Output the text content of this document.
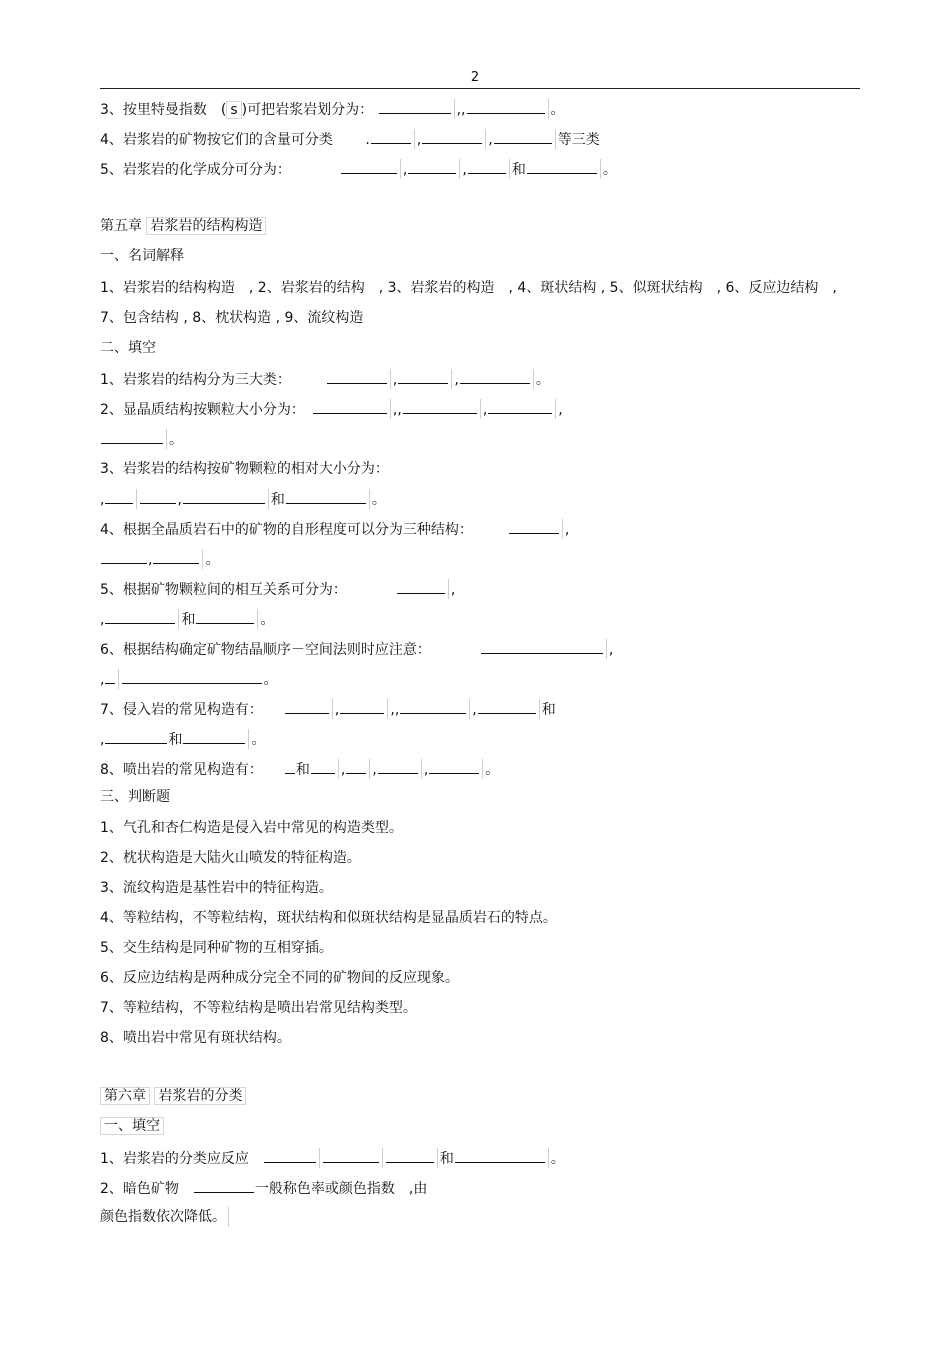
2
3、按里特曼指数　( s )可把岩浆岩划分为：	,,	。
4、岩浆岩的矿物按它们的含量可分类　　 .	,	,	等三类
5、岩浆岩的化学成分可分为：　　　　	,	,	和	。
第五章 岩浆岩的结构构造
一、名词解释
1、岩浆岩的结构构造　, 2、岩浆岩的结构　, 3、岩浆岩的构造　, 4、斑状结构 , 5、似斑状结构　, 6、反应边结构　,
7、包含结构 , 8、枕状构造 , 9、流纹构造
二、填空
1、岩浆岩的结构分为三大类：　　　	,	,	。
2、显晶质结构按颗粒大小分为：　	,,	,	,
。
3、岩浆岩的结构按矿物颗粒的相对大小分为：
,	,	和	。
4、根据全晶质岩石中的矿物的自形程度可以分为三种结构：　　　	,
,	。
5、根据矿物颗粒间的相互关系可分为：　　　　	,
,	和	。
6、根据结构确定矿物结晶顺序－空间法则时应注意：　　　　	,
,	。
7、侵入岩的常见构造有：　　	,	,,	,	和
,	和	。
8、喷出岩的常见构造有：　　	和 , ,	,	。
三、判断题
1、气孔和杏仁构造是侵入岩中常见的构造类型。
2、枕状构造是大陆火山喷发的特征构造。
3、流纹构造是基性岩中的特征构造。
4、等粒结构，不等粒结构，斑状结构和似斑状结构是显晶质岩石的特点。
5、交生结构是同种矿物的互相穿插。
6、反应边结构是两种成分完全不同的矿物间的反应现象。
7、等粒结构，不等粒结构是喷出岩常见结构类型。
8、喷出岩中常见有斑状结构。
第六章 岩浆岩的分类
一、填空
1、岩浆岩的分类应反应　	和	。
2、暗色矿物　	一般称色率或颜色指数　,由
颜色指数依次降低。
